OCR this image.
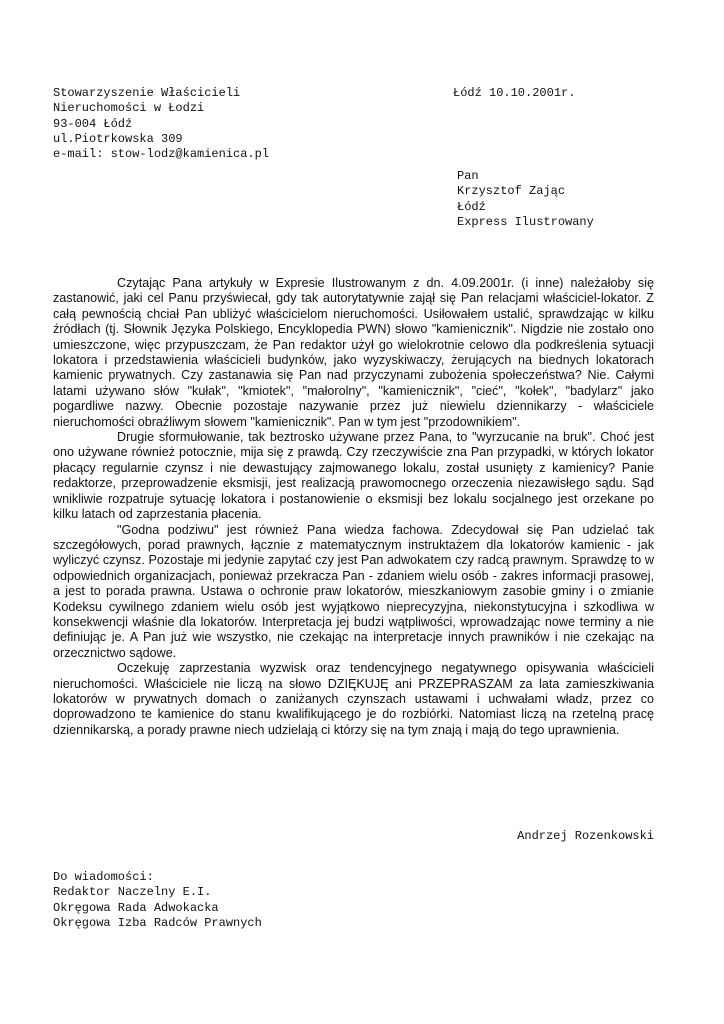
Stowarzyszenie Właścicieli
Nieruchomości w Łodzi
93-004 Łódź
ul.Piotrkowska 309
e-mail: stow-lodz@kamienica.pl
Łódź 10.10.2001r.
Pan
Krzysztof Zając
Łódź
Express Ilustrowany

Czytając Pana artykuły w Expresie Ilustrowanym z dn. 4.09.2001r. (i inne) należałoby się zastanowić, jaki cel Panu przyświecał, gdy tak autorytatywnie zajął się Pan relacjami właściciel-lokator. Z całą pewnością chciał Pan ubliżyć właścicielom nieruchomości. Usiłowałem ustalić, sprawdzając w kilku źródłach (tj. Słownik Języka Polskiego, Encyklopedia PWN) słowo "kamienicznik". Nigdzie nie zostało ono umieszczone, więc przypuszczam, że Pan redaktor użył go wielokrotnie celowo dla podkreślenia sytuacji lokatora i przedstawienia właścicieli budynków, jako wyzyskiwaczy, żerujących na biednych lokatorach kamienic prywatnych. Czy zastanawia się Pan nad przyczynami zubożenia społeczeństwa? Nie. Całymi latami używano słów "kułak", "kmiotek", "małorolny", "kamienicznik", "cieć", "kołek", "badylarz" jako pogardliwe nazwy. Obecnie pozostaje nazywanie przez już niewielu dziennikarzy - właściciele nieruchomości obraźliwym słowem "kamienicznik". Pan w tym jest "przodownikiem".

Drugie sformułowanie, tak beztrosko używane przez Pana, to "wyrzucanie na bruk". Choć jest ono używane również potocznie, mija się z prawdą. Czy rzeczywiście zna Pan przypadki, w których lokator płacący regularnie czynsz i nie dewastujący zajmowanego lokalu, został usunięty z kamienicy? Panie redaktorze, przeprowadzenie eksmisji, jest realizacją prawomocnego orzeczenia niezawisłego sądu. Sąd wnikliwie rozpatruje sytuację lokatora i postanowienie o eksmisji bez lokalu socjalnego jest orzekane po kilku latach od zaprzestania płacenia.

"Godna podziwu" jest również Pana wiedza fachowa. Zdecydował się Pan udzielać tak szczegółowych, porad prawnych, łącznie z matematycznym instruktażem dla lokatorów kamienic - jak wyliczyć czynsz. Pozostaje mi jedynie zapytać czy jest Pan adwokatem czy radcą prawnym. Sprawdzę to w odpowiednich organizacjach, ponieważ przekracza Pan - zdaniem wielu osób - zakres informacji prasowej, a jest to porada prawna. Ustawa o ochronie praw lokatorów, mieszkaniowym zasobie gminy i o zmianie Kodeksu cywilnego zdaniem wielu osób jest wyjątkowo nieprecyzyjna, niekonstytucyjna i szkodliwa w konsekwencji właśnie dla lokatorów. Interpretacja jej budzi wątpliwości, wprowadzając nowe terminy a nie definiując je. A Pan już wie wszystko, nie czekając na interpretacje innych prawników i nie czekając na orzecznictwo sądowe.

Oczekuję zaprzestania wyzwisk oraz tendencyjnego negatywnego opisywania właścicieli nieruchomości. Właściciele nie liczą na słowo DZIĘKUJĘ ani PRZEPRASZAM za lata zamieszkiwania lokatorów w prywatnych domach o zaniżanych czynszach ustawami i uchwałami władz, przez co doprowadzono te kamienice do stanu kwalifikującego je do rozbiórki. Natomiast liczą na rzetelną pracę dziennikarską, a porady prawne niech udzielają ci którzy się na tym znają i mają do tego uprawnienia.

Andrzej Rozenkowski
Do wiadomości:
Redaktor Naczelny E.I.
Okręgowa Rada Adwokacka
Okręgowa Izba Radców Prawnych
